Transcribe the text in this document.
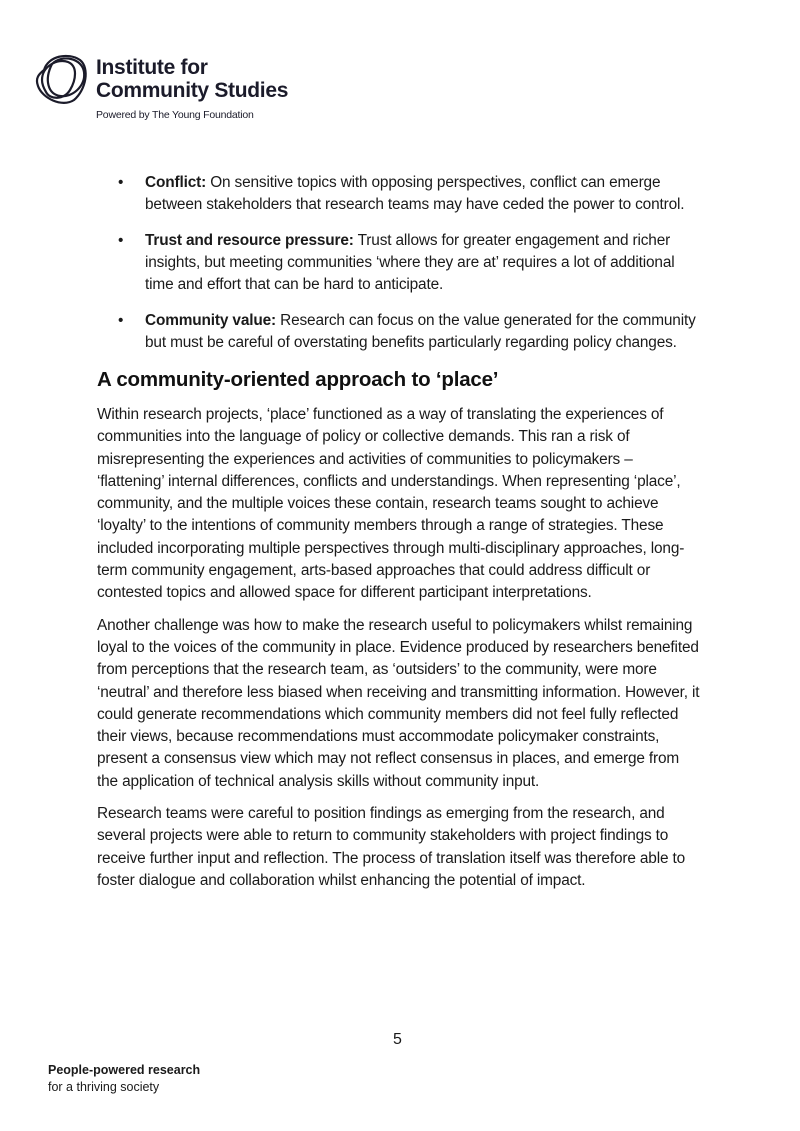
Institute for
Community Studies
Powered by The Young Foundation
• Conflict: On sensitive topics with opposing perspectives, conflict can emerge between stakeholders that research teams may have ceded the power to control.
• Trust and resource pressure: Trust allows for greater engagement and richer insights, but meeting communities ‘where they are at’ requires a lot of additional time and effort that can be hard to anticipate.
• Community value: Research can focus on the value generated for the community but must be careful of overstating benefits particularly regarding policy changes.
A community-oriented approach to ‘place’

Within research projects, ‘place’ functioned as a way of translating the experiences of communities into the language of policy or collective demands. This ran a risk of misrepresenting the experiences and activities of communities to policymakers – ‘flattening’ internal differences, conflicts and understandings. When representing ‘place’, community, and the multiple voices these contain, research teams sought to achieve ‘loyalty’ to the intentions of community members through a range of strategies. These included incorporating multiple perspectives through multi-disciplinary approaches, long-term community engagement, arts-based approaches that could address difficult or contested topics and allowed space for different participant interpretations.

Another challenge was how to make the research useful to policymakers whilst remaining loyal to the voices of the community in place. Evidence produced by researchers benefited from perceptions that the research team, as ‘outsiders’ to the community, were more ‘neutral’ and therefore less biased when receiving and transmitting information. However, it could generate recommendations which community members did not feel fully reflected their views, because recommendations must accommodate policymaker constraints, present a consensus view which may not reflect consensus in places, and emerge from the application of technical analysis skills without community input.

Research teams were careful to position findings as emerging from the research, and several projects were able to return to community stakeholders with project findings to receive further input and reflection. The process of translation itself was therefore able to foster dialogue and collaboration whilst enhancing the potential of impact.

5
People-powered research
for a thriving society
